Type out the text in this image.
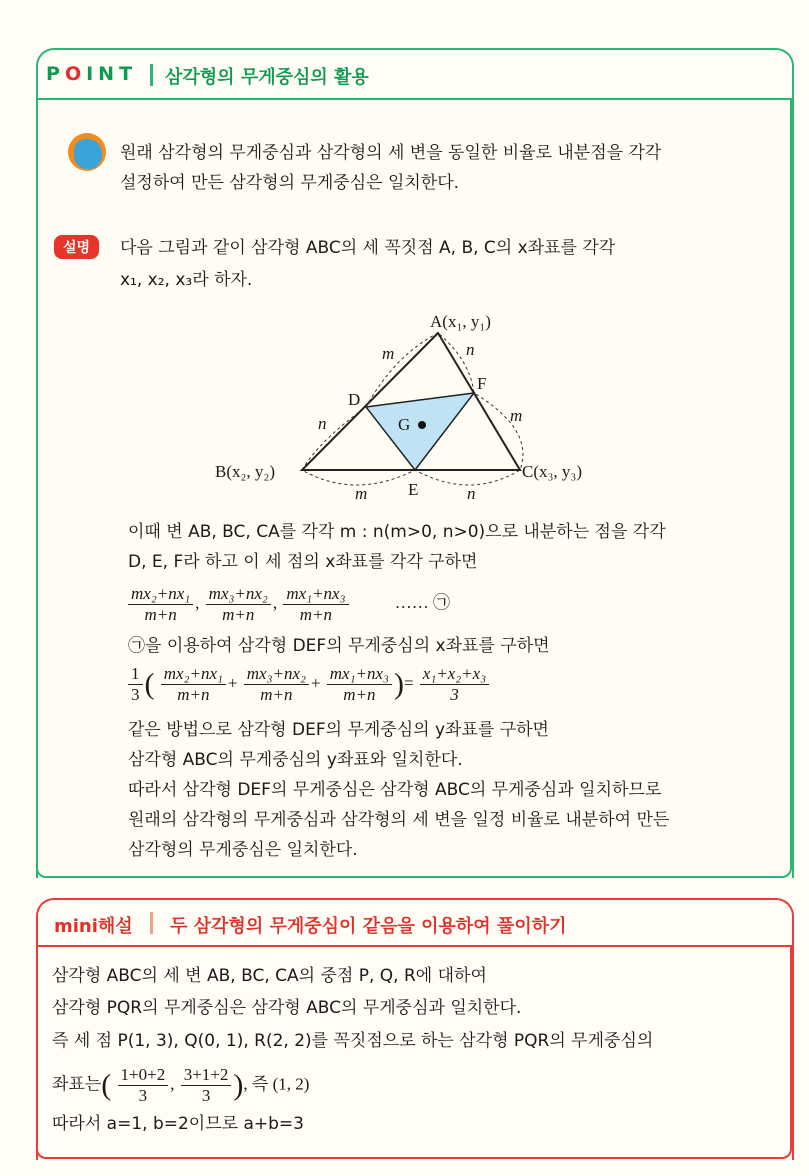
POINT 삼각형의 무게중심의 활용
원래 삼각형의 무게중심과 삼각형의 세 변을 동일한 비율로 내분점을 각각
설정하여 만든 삼각형의 무게중심은 일치한다.
설명	다음 그림과 같이 삼각형 ABC의 세 꼭짓점 A, B, C의 x좌표를 각각
x₁, x₂, x₃라 하자.
A(x₁, y₁)
B(x₂, y₂)	C(x₃, y₃)
D
E
F
G
m	n
n	m
m	n
이때 변 AB, BC, CA를 각각 m : n(m>0, n>0)으로 내분하는 점을 각각
D, E, F라 하고 이 세 점의 x좌표를 각각 구하면
$\frac{\text{mx₂+nx₁}}{m+n}$ , $\frac{\text{mx₃+nx₂}}{m+n}$ , $\frac{\text{mx₁+nx₃}}{m+n}$	…… ㉠
㉠을 이용하여 삼각형 DEF의 무게중심의 x좌표를 구하면
$\frac{1}{3}$ ( $\frac{\text{mx₂+nx₁}}{m+n} + \frac{\text{mx₃+nx₂}}{m+n} + \frac{\text{mx₁+nx₃}}{m+n}$ )= $\frac{\text{x₁+x₂+x₃}}{3}$
같은 방법으로 삼각형 DEF의 무게중심의 y좌표를 구하면
삼각형 ABC의 무게중심의 y좌표와 일치한다.
따라서 삼각형 DEF의 무게중심은 삼각형 ABC의 무게중심과 일치하므로
원래의 삼각형의 무게중심과 삼각형의 세 변을 일정 비율로 내분하여 만든
삼각형의 무게중심은 일치한다.
mini해설 두 삼각형의 무게중심이 같음을 이용하여 풀이하기
삼각형 ABC의 세 변 AB, BC, CA의 중점 P, Q, R에 대하여
삼각형 PQR의 무게중심은 삼각형 ABC의 무게중심과 일치한다.
즉 세 점 P(1, 3), Q(0, 1), R(2, 2)를 꼭짓점으로 하는 삼각형 PQR의 무게중심의
좌표는( $\frac{1+0+2}{3}$ , $\frac{3+1+2}{3}$ ), 즉 (1, 2)
따라서 a=1, b=2이므로 a+b=3
